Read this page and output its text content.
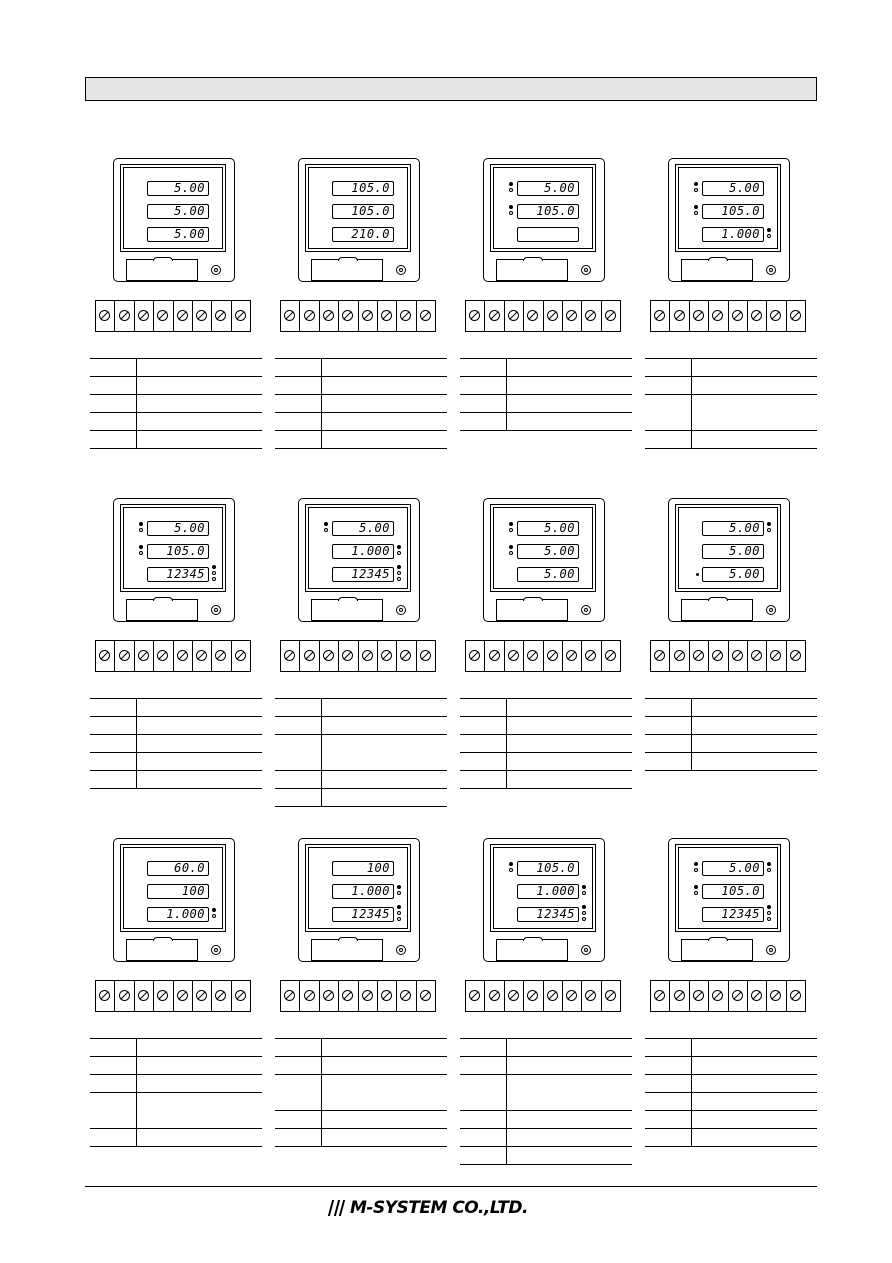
5.00
5.00
5.00

105.0
105.0
210.0

5.00
105.0

5.00
105.0
1.000

5.00
105.0
12345

5.00
1.000
12345

5.00
5.00
5.00

5.00
5.00
5.00

60.0
100
1.000

100
1.000
12345

105.0
1.000
12345

5.00
105.0
12345

M-SYSTEM CO.,LTD.
